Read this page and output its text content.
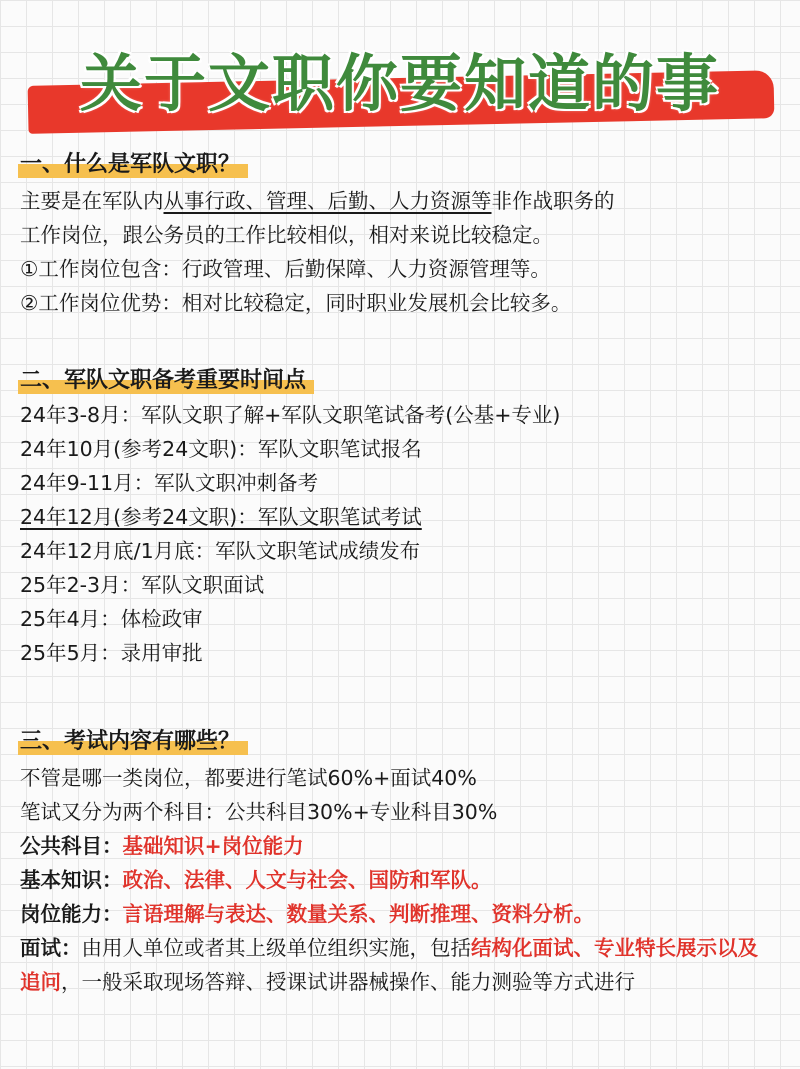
关于文职你要知道的事
一、什么是军队文职？
主要是在军队内从事行政、管理、后勤、人力资源等非作战职务的
工作岗位，跟公务员的工作比较相似，相对来说比较稳定。
①工作岗位包含：行政管理、后勤保障、人力资源管理等。
②工作岗位优势：相对比较稳定，同时职业发展机会比较多。
二、军队文职备考重要时间点
24年3-8月：军队文职了解+军队文职笔试备考(公基+专业)
24年10月(参考24文职)：军队文职笔试报名
24年9-11月：军队文职冲刺备考
24年12月(参考24文职)：军队文职笔试考试
24年12月底/1月底：军队文职笔试成绩发布
25年2-3月：军队文职面试
25年4月：体检政审
25年5月：录用审批
三、考试内容有哪些？
不管是哪一类岗位，都要进行笔试60%+面试40%
笔试又分为两个科目：公共科目30%+专业科目30%
公共科目：基础知识+岗位能力
基本知识：政治、法律、人文与社会、国防和军队。
岗位能力：言语理解与表达、数量关系、判断推理、资料分析。
面试：由用人单位或者其上级单位组织实施，包括结构化面试、专业特长展示以及追问，一般采取现场答辩、授课试讲器械操作、能力测验等方式进行
